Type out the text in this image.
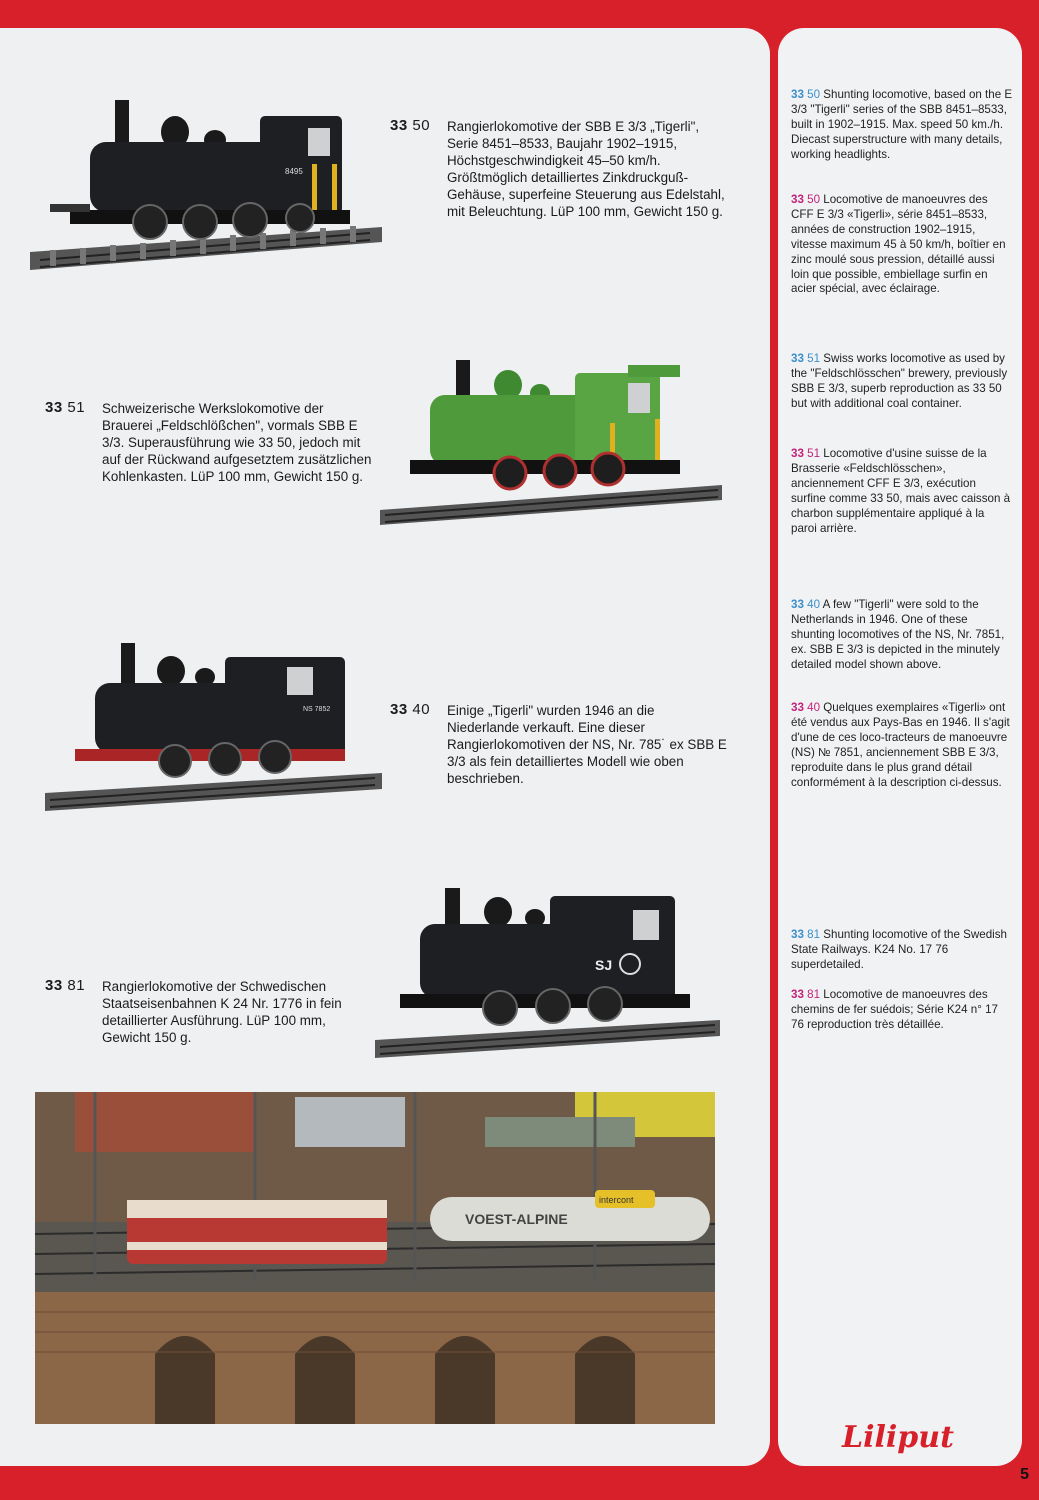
8495
NS 7852
SJ
VOEST-ALPINE
intercont
33 50 Rangierlokomotive der SBB E 3/3 „Tigerli", Serie 8451–8533, Baujahr 1902–1915, Höchstgeschwindigkeit 45–50 km/h. Größtmöglich detailliertes Zinkdruckguß-Gehäuse, superfeine Steuerung aus Edelstahl, mit Beleuchtung. LüP 100 mm, Gewicht 150 g.
33 51 Schweizerische Werkslokomotive der Brauerei „Feldschlößchen", vormals SBB E 3/3. Superausführung wie 33 50, jedoch mit auf der Rückwand aufgesetztem zusätzlichen Kohlenkasten. LüP 100 mm, Gewicht 150 g.
33 40 Einige „Tigerli" wurden 1946 an die Niederlande verkauft. Eine dieser Rangierlokomotiven der NS, Nr. 785˙ ex SBB E 3/3 als fein detailliertes Modell wie oben beschrieben.
33 81 Rangierlokomotive der Schwedischen Staatseisenbahnen K 24 Nr. 1776 in fein detaillierter Ausführung. LüP 100 mm, Gewicht 150 g.
33 50 Shunting locomotive, based on the E 3/3 "Tigerli" series of the SBB 8451–8533, built in 1902–1915. Max. speed 50 km./h. Diecast superstructure with many details, working headlights.
33 50 Locomotive de manoeuvres des CFF E 3/3 «Tigerli», série 8451–8533, années de construction 1902–1915, vitesse maximum 45 à 50 km/h, boîtier en zinc moulé sous pression, détaillé aussi loin que possible, embiellage surfin en acier spécial, avec éclairage.
33 51 Swiss works locomotive as used by the "Feldschlösschen" brewery, previously SBB E 3/3, superb reproduction as 33 50 but with additional coal container.
33 51 Locomotive d'usine suisse de la Brasserie «Feldschlösschen», anciennement CFF E 3/3, exécution surfine comme 33 50, mais avec caisson à charbon supplémentaire appliqué à la paroi arrière.
33 40 A few "Tigerli" were sold to the Netherlands in 1946. One of these shunting locomotives of the NS, Nr. 7851, ex. SBB E 3/3 is depicted in the minutely detailed model shown above.
33 40 Quelques exemplaires «Tigerli» ont été vendus aux Pays-Bas en 1946. Il s'agit d'une de ces loco-tracteurs de manoeuvre (NS) № 7851, anciennement SBB E 3/3, reproduite dans le plus grand détail conformément à la description ci-dessus.
33 81 Shunting locomotive of the Swedish State Railways. K24 No. 17 76 superdetailed.
33 81 Locomotive de manoeuvres des chemins de fer suédois; Série K24 n° 17 76 reproduction très détaillée.
Liliput
5
